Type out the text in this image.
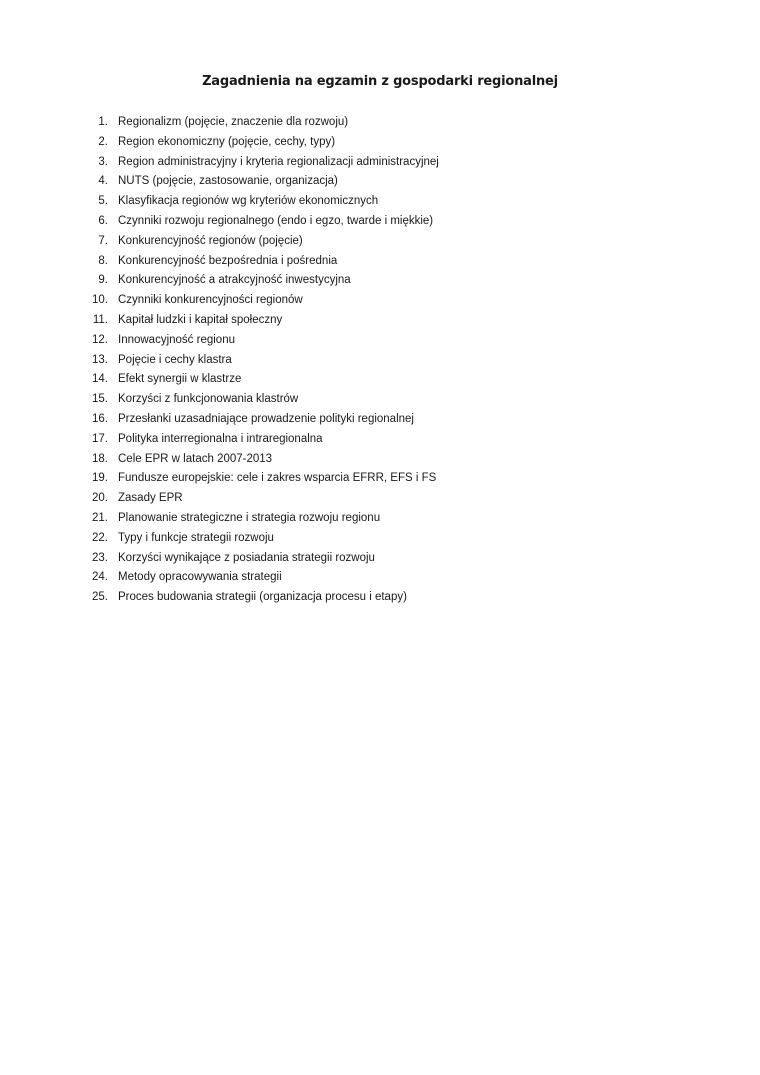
Zagadnienia na egzamin z gospodarki regionalnej
1. Regionalizm (pojęcie, znaczenie dla rozwoju)
2. Region ekonomiczny (pojęcie, cechy, typy)
3. Region administracyjny i kryteria regionalizacji administracyjnej
4. NUTS (pojęcie, zastosowanie, organizacja)
5. Klasyfikacja regionów wg kryteriów ekonomicznych
6. Czynniki rozwoju regionalnego (endo i egzo, twarde i miękkie)
7. Konkurencyjność regionów (pojęcie)
8. Konkurencyjność bezpośrednia i pośrednia
9. Konkurencyjność a atrakcyjność inwestycyjna
10. Czynniki konkurencyjności regionów
11. Kapitał ludzki i kapitał społeczny
12. Innowacyjność regionu
13. Pojęcie i cechy klastra
14. Efekt synergii w klastrze
15. Korzyści z funkcjonowania klastrów
16. Przesłanki uzasadniające prowadzenie polityki regionalnej
17. Polityka interregionalna i intraregionalna
18. Cele EPR w latach 2007-2013
19. Fundusze europejskie: cele i zakres wsparcia EFRR, EFS i FS
20. Zasady EPR
21. Planowanie strategiczne i strategia rozwoju regionu
22. Typy i funkcje strategii rozwoju
23. Korzyści wynikające z posiadania strategii rozwoju
24. Metody opracowywania strategii
25. Proces budowania strategii (organizacja procesu i etapy)
